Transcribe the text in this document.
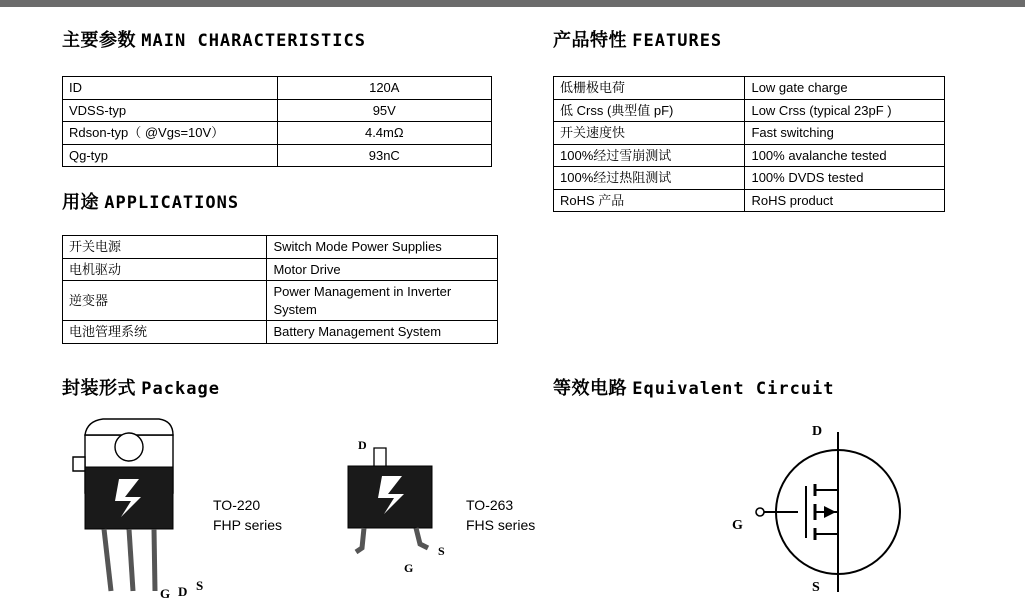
主要参数 MAIN CHARACTERISTICS
ID	120A
VDSS-typ	95V
Rdson-typ（ @Vgs=10V）	4.4mΩ
Qg-typ	93nC
产品特性 FEATURES
低栅极电荷	Low gate charge
低 Crss (典型值 pF)	Low Crss (typical 23pF )
开关速度快	Fast switching
100%经过雪崩测试	100% avalanche tested
100%经过热阻测试	100% DVDS tested
RoHS 产品	RoHS product
用途 APPLICATIONS
开关电源	Switch Mode Power Supplies
电机驱动	Motor Drive
逆变器	Power Management in Inverter System
电池管理系统	Battery Management System
封装形式 Package
G D S
TO-220
FHP series
D
G
S
TO-263
FHS series
等效电路 Equivalent Circuit
D
G
S
